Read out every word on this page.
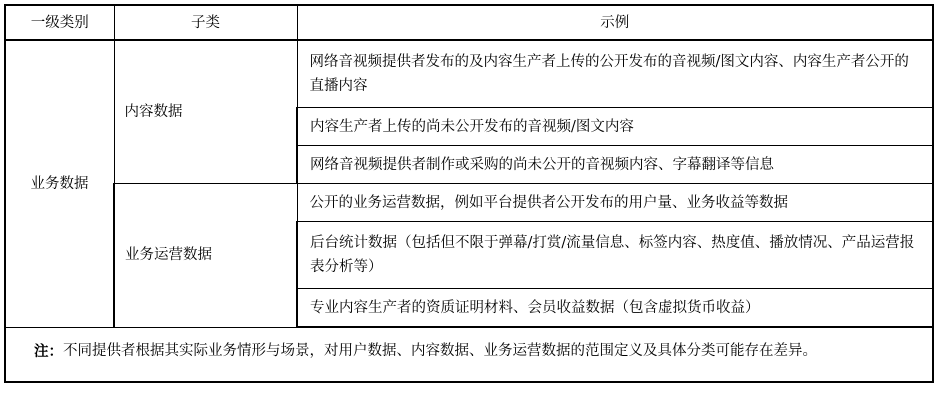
一级类别	子类	示例
业务数据	内容数据	网络音视频提供者发布的及内容生产者上传的公开发布的音视频/图文内容、内容生产者公开的直播内容
		内容生产者上传的尚未公开发布的音视频/图文内容
		网络音视频提供者制作或采购的尚未公开的音视频内容、字幕翻译等信息
	业务运营数据	公开的业务运营数据，例如平台提供者公开发布的用户量、业务收益等数据
		后台统计数据（包括但不限于弹幕/打赏/流量信息、标签内容、热度值、播放情况、产品运营报表分析等）
		专业内容生产者的资质证明材料、会员收益数据（包含虚拟货币收益）

注： 不同提供者根据其实际业务情形与场景，对用户数据、内容数据、业务运营数据的范围定义及具体分类可能存在差异。		
